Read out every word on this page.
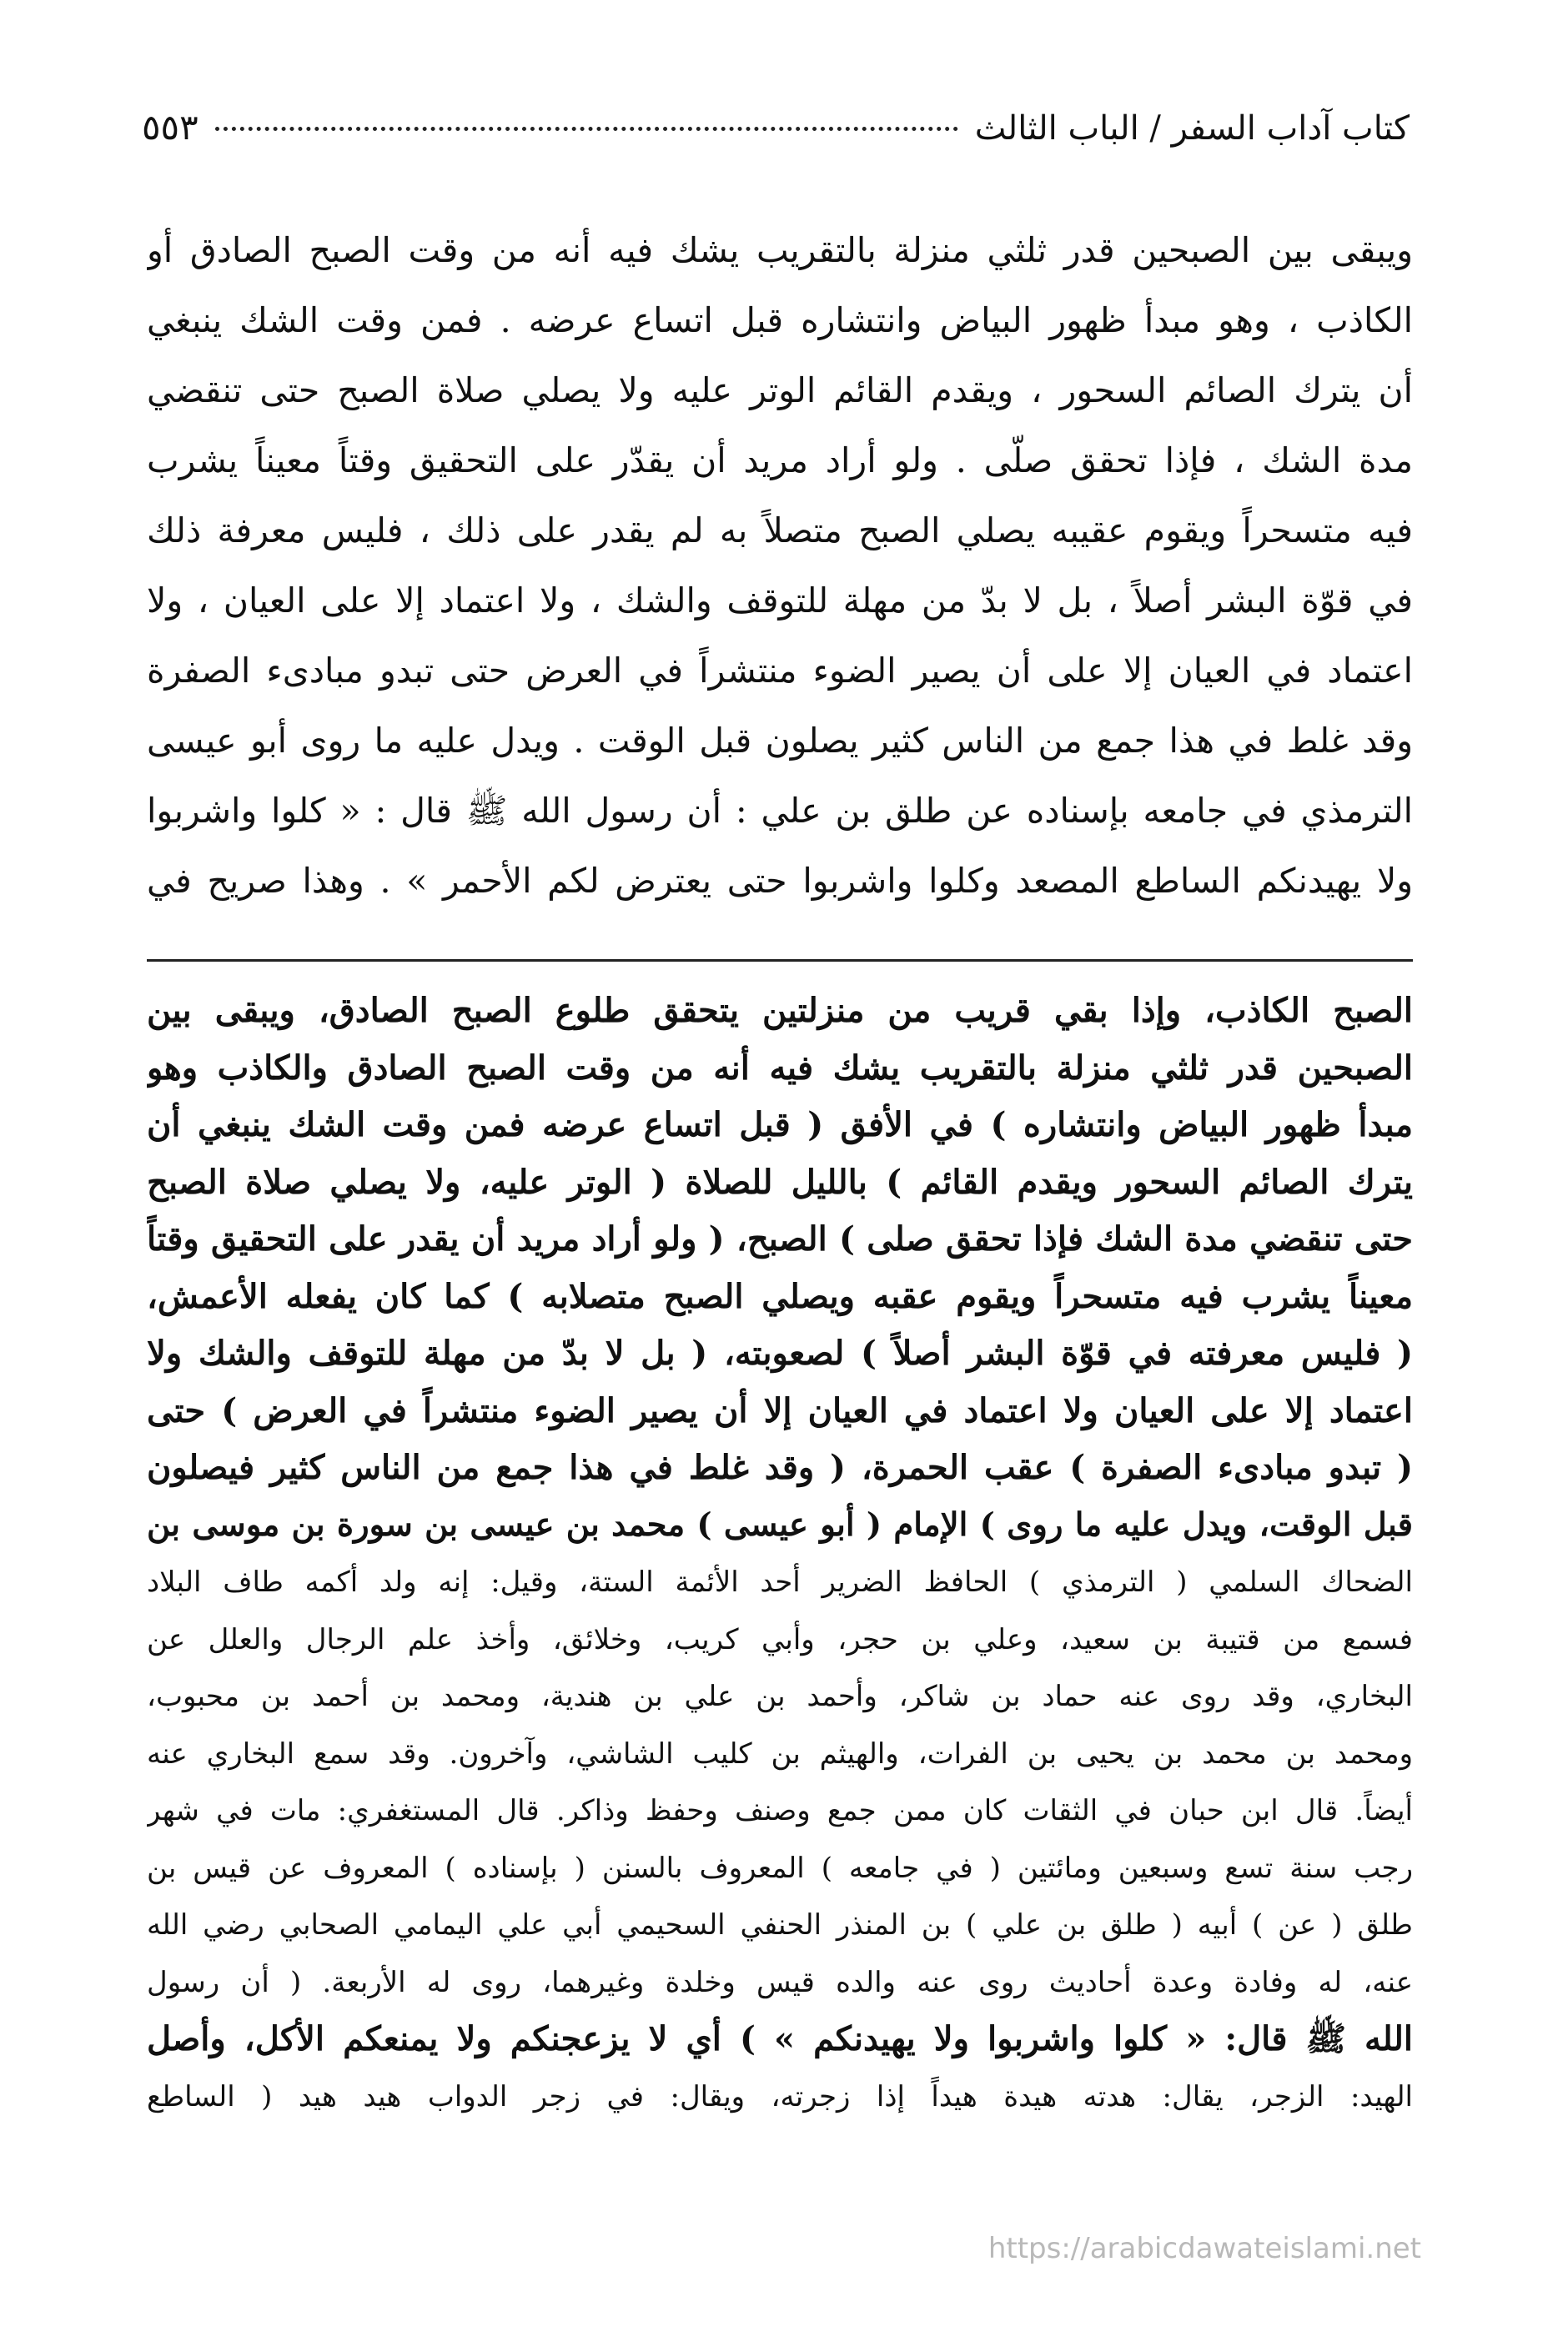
كتاب آداب السفر / الباب الثالث
٥٥٣
ويبقى بين الصبحين قدر ثلثي منزلة بالتقريب يشك فيه أنه من وقت الصبح الصادق أو
الكاذب ، وهو مبدأ ظهور البياض وانتشاره قبل اتساع عرضه . فمن وقت الشك ينبغي
أن يترك الصائم السحور ، ويقدم القائم الوتر عليه ولا يصلي صلاة الصبح حتى تنقضي
مدة الشك ، فإذا تحقق صلّى . ولو أراد مريد أن يقدّر على التحقيق وقتاً معيناً يشرب
فيه متسحراً ويقوم عقيبه يصلي الصبح متصلاً به لم يقدر على ذلك ، فليس معرفة ذلك
في قوّة البشر أصلاً ، بل لا بدّ من مهلة للتوقف والشك ، ولا اعتماد إلا على العيان ، ولا
اعتماد في العيان إلا على أن يصير الضوء منتشراً في العرض حتى تبدو مبادىء الصفرة
وقد غلط في هذا جمع من الناس كثير يصلون قبل الوقت . ويدل عليه ما روى أبو عيسى
الترمذي في جامعه بإسناده عن طلق بن علي : أن رسول الله ﷺ قال : « كلوا واشربوا
ولا يهيدنكم الساطع المصعد وكلوا واشربوا حتى يعترض لكم الأحمر » . وهذا صريح في
الصبح الكاذب، وإذا بقي قريب من منزلتين يتحقق طلوع الصبح الصادق، ويبقى بين
الصبحين قدر ثلثي منزلة بالتقريب يشك فيه أنه من وقت الصبح الصادق والكاذب وهو
مبدأ ظهور البياض وانتشاره ) في الأفق ( قبل اتساع عرضه فمن وقت الشك ينبغي أن
يترك الصائم السحور ويقدم القائم ) بالليل للصلاة ( الوتر عليه، ولا يصلي صلاة الصبح
حتى تنقضي مدة الشك فإذا تحقق صلى ) الصبح، ( ولو أراد مريد أن يقدر على التحقيق وقتاً
معيناً يشرب فيه متسحراً ويقوم عقبه ويصلي الصبح متصلابه ) كما كان يفعله الأعمش،
( فليس معرفته في قوّة البشر أصلاً ) لصعوبته، ( بل لا بدّ من مهلة للتوقف والشك ولا
اعتماد إلا على العيان ولا اعتماد في العيان إلا أن يصير الضوء منتشراً في العرض ) حتى
( تبدو مبادىء الصفرة ) عقب الحمرة، ( وقد غلط في هذا جمع من الناس كثير فيصلون
قبل الوقت، ويدل عليه ما روى ) الإمام ( أبو عيسى ) محمد بن عيسى بن سورة بن موسى بن
الضحاك السلمي ( الترمذي ) الحافظ الضرير أحد الأئمة الستة، وقيل: إنه ولد أكمه طاف البلاد
فسمع من قتيبة بن سعيد، وعلي بن حجر، وأبي كريب، وخلائق، وأخذ علم الرجال والعلل عن
البخاري، وقد روى عنه حماد بن شاكر، وأحمد بن علي بن هندية، ومحمد بن أحمد بن محبوب،
ومحمد بن محمد بن يحيى بن الفرات، والهيثم بن كليب الشاشي، وآخرون. وقد سمع البخاري عنه
أيضاً. قال ابن حبان في الثقات كان ممن جمع وصنف وحفظ وذاكر. قال المستغفري: مات في شهر
رجب سنة تسع وسبعين ومائتين ( في جامعه ) المعروف بالسنن ( بإسناده ) المعروف عن قيس بن
طلق ( عن ) أبيه ( طلق بن علي ) بن المنذر الحنفي السحيمي أبي علي اليمامي الصحابي رضي الله
عنه، له وفادة وعدة أحاديث روى عنه والده قيس وخلدة وغيرهما، روى له الأربعة. ( أن رسول
الله ﷺ قال: « كلوا واشربوا ولا يهيدنكم » ) أي لا يزعجنكم ولا يمنعكم الأكل، وأصل
الهيد: الزجر، يقال: هدته هيدة هيداً إذا زجرته، ويقال: في زجر الدواب هيد هيد ( الساطع
https://arabicdawateislami.net
